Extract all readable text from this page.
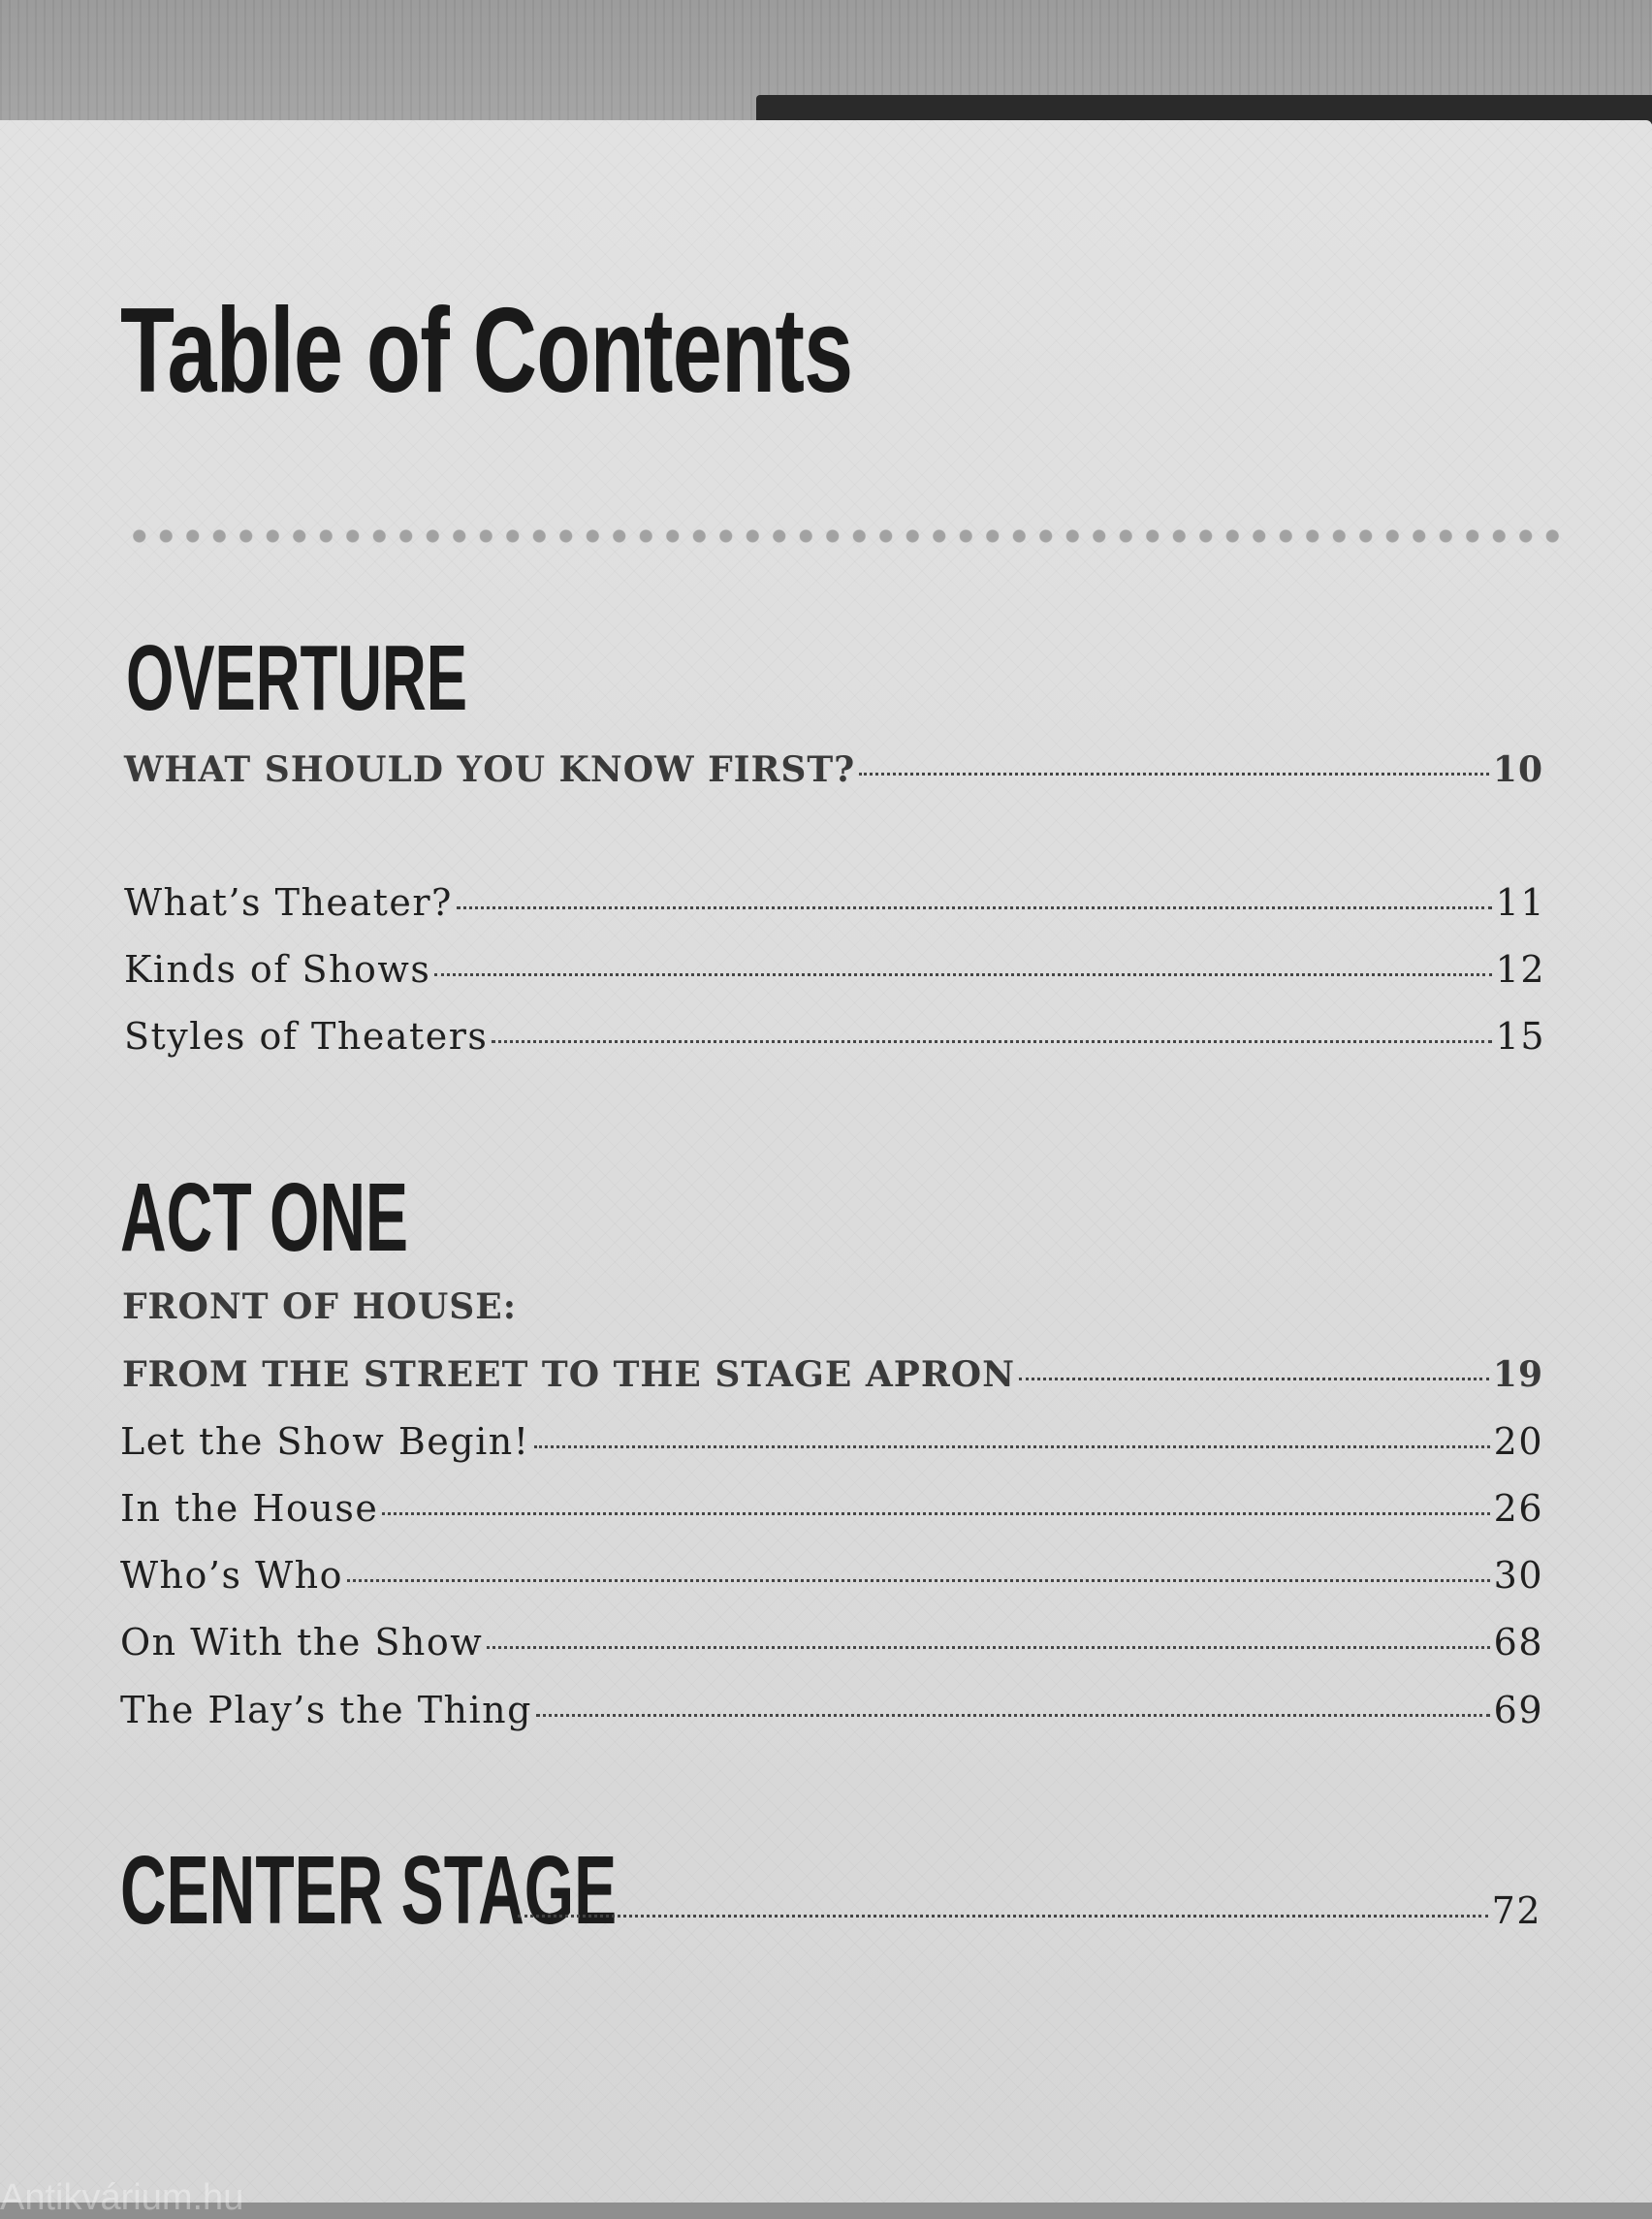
Table of Contents
OVERTURE
WHAT SHOULD YOU KNOW FIRST?	10
What’s Theater?	11
Kinds of Shows	12
Styles of Theaters	15
ACT ONE
FRONT OF HOUSE:
FROM THE STREET TO THE STAGE APRON	19
Let the Show Begin!	20
In the House	26
Who’s Who	30
On With the Show	68
The Play’s the Thing	69
CENTER STAGE	72
Antikvárium.hu
